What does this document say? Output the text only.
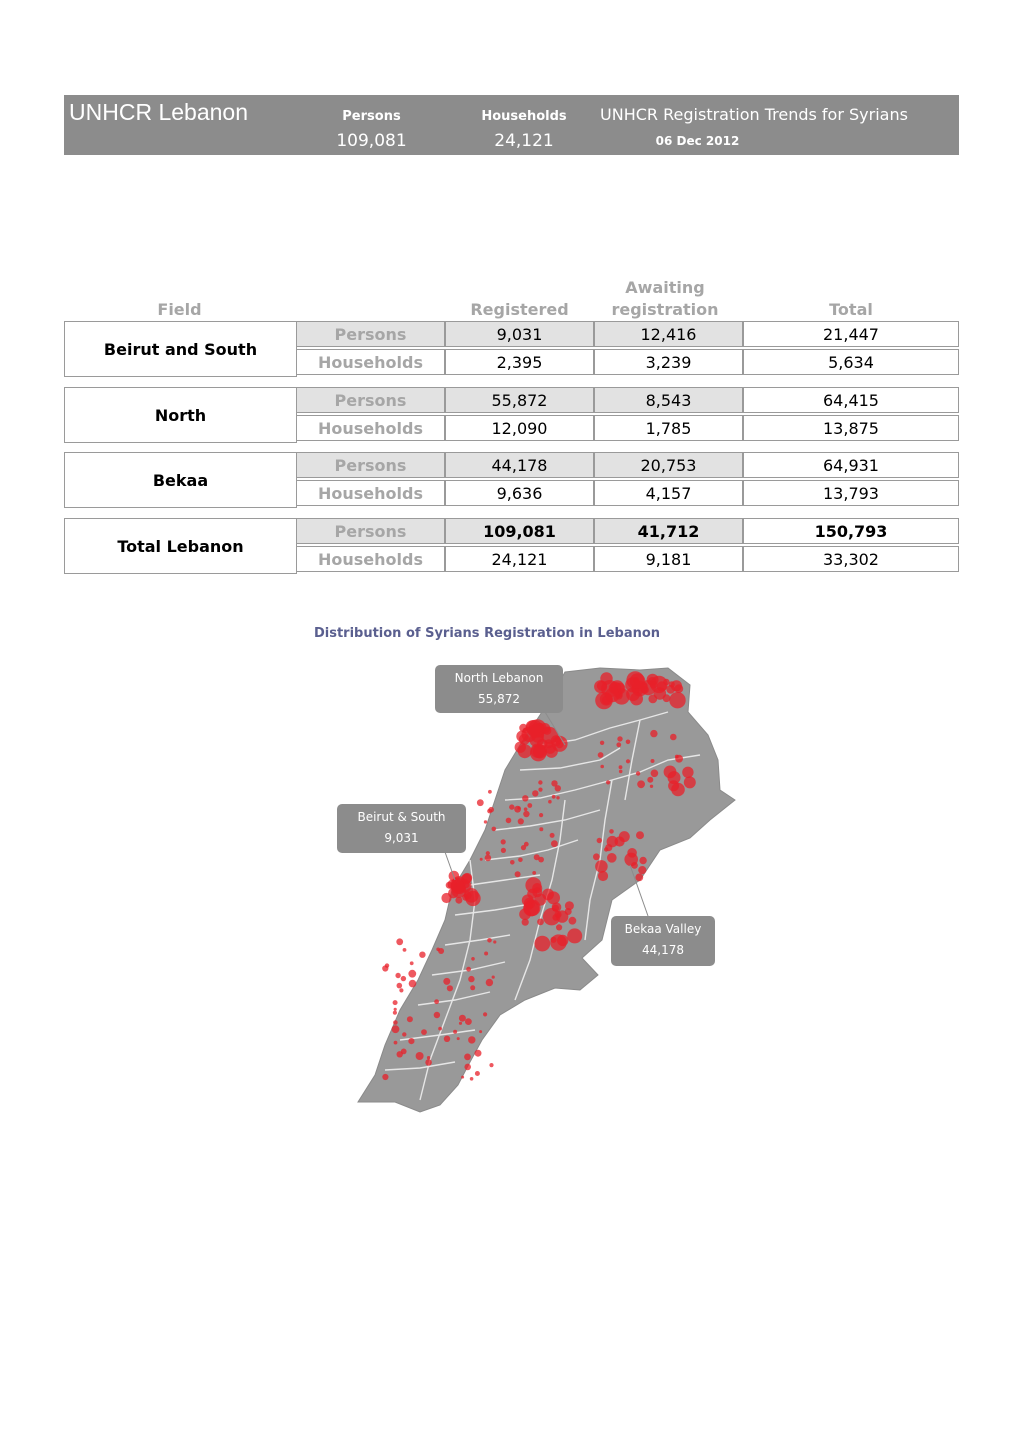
UNHCR Lebanon	Persons
109,081
Households
24,121
UNHCR Registration Trends for Syrians
06 Dec 2012
Field	Registered
Awaiting registration	Total
Beirut and South
Persons	9,031	12,416	21,447
Households	2,395	3,239	5,634
North
Persons	55,872	8,543	64,415
Households	12,090	1,785	13,875
Bekaa
Persons	44,178	20,753	64,931
Households	9,636	4,157	13,793
Total Lebanon
Persons	109,081	41,712	150,793
Households	24,121	9,181	33,302
Distribution of Syrians Registration in Lebanon
North Lebanon
55,872
Beirut & South
9,031
Bekaa Valley
44,178
